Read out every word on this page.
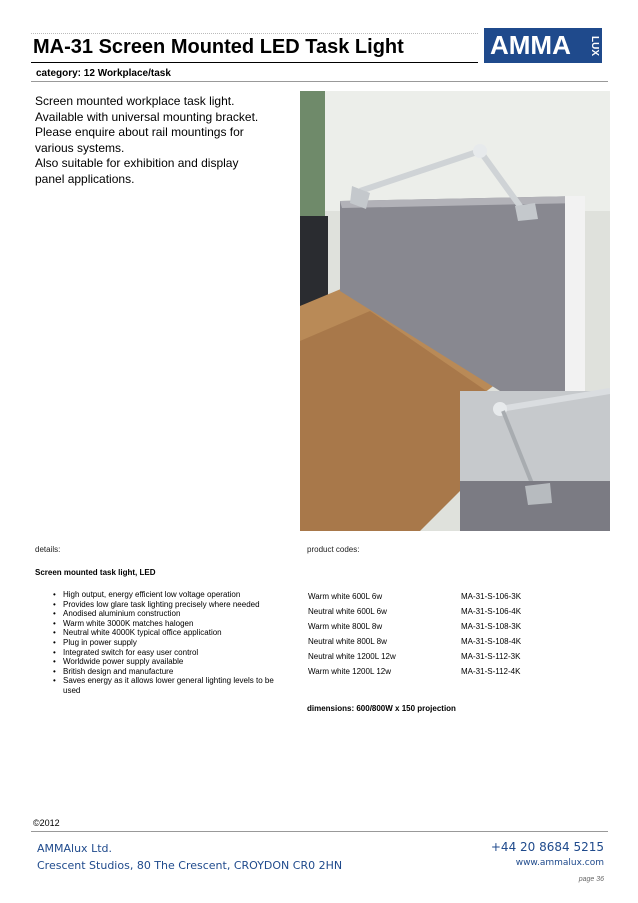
MA-31 Screen Mounted LED Task Light	AMMA	LUX
category: 12 Workplace/task
Screen mounted workplace task light.
Available with universal mounting bracket.
Please enquire about rail mountings for
various systems.
Also suitable for exhibition and display
panel applications.
details:	product codes:
Screen mounted task light, LED
• High output, energy efficient low voltage operation
• Provides low glare task lighting precisely where needed
• Anodised aluminium construction
• Warm white 3000K matches halogen
• Neutral white 4000K typical office application
• Plug in power supply
• Integrated switch for easy user control
• Worldwide power supply available
• British design and manufacture
• Saves energy as it allows lower general lighting levels to be used
Warm white 600L 6w	MA-31-S-106-3K
Neutral white 600L 6w	MA-31-S-106-4K
Warm white 800L 8w	MA-31-S-108-3K
Neutral white 800L 8w	MA-31-S-108-4K
Neutral white 1200L 12w	MA-31-S-112-3K
Warm white 1200L 12w	MA-31-S-112-4K
dimensions: 600/800W x 150 projection
©2012
AMMAlux Ltd.
Crescent Studios, 80 The Crescent, CROYDON CR0 2HN
+44 20 8684 5215
www.ammalux.com
page 36
